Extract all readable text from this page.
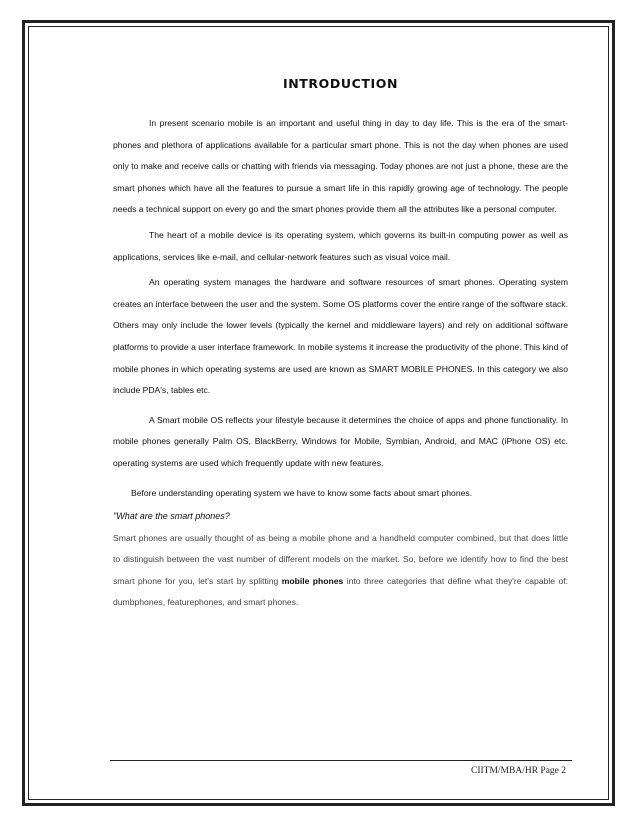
INTRODUCTION

In present scenario mobile is an important and useful thing in day to day life. This is the era of the smart-phones and plethora of applications available for a particular smart phone. This is not the day when phones are used only to make and receive calls or chatting with friends via messaging. Today phones are not just a phone, these are the smart phones which have all the features to pursue a smart life in this rapidly growing age of technology. The people needs a technical support on every go and the smart phones provide them all the attributes like a personal computer.

The heart of a mobile device is its operating system, which governs its built-in computing power as well as applications, services like e-mail, and cellular-network features such as visual voice mail.

An operating system manages the hardware and software resources of smart phones. Operating system creates an interface between the user and the system. Some OS platforms cover the entire range of the software stack. Others may only include the lower levels (typically the kernel and middleware layers) and rely on additional software platforms to provide a user interface framework. In mobile systems it increase the productivity of the phone. This kind of mobile phones in which operating systems are used are known as SMART MOBILE PHONES. In this category we also include PDA's, tables etc.

A Smart mobile OS reflects your lifestyle because it determines the choice of apps and phone functionality. In mobile phones generally Palm OS, BlackBerry, Windows for Mobile, Symbian, Android, and MAC (iPhone OS) etc. operating systems are used which frequently update with new features.

Before understanding operating system we have to know some facts about smart phones.

"What are the smart phones?

Smart phones are usually thought of as being a mobile phone and a handheld computer combined, but that does little to distinguish between the vast number of different models on the market. So, before we identify how to find the best smart phone for you, let's start by splitting mobile phones into three categories that define what they're capable of: dumbphones, featurephones, and smart phones.

CIITM/MBA/HR Page 2
